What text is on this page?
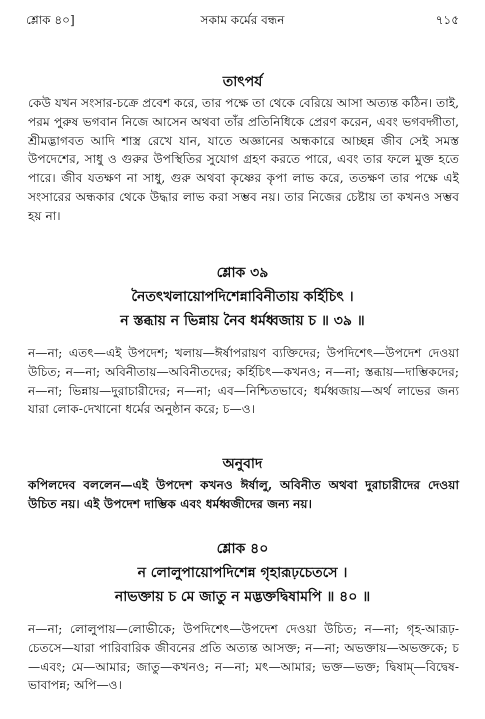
শ্লোক ৪০]	সকাম কর্মের বন্ধন	৭১৫
তাৎপর্য
কেউ যখন সংসার-চক্রে প্রবেশ করে, তার পক্ষে তা থেকে বেরিয়ে আসা অত্যন্ত কঠিন। তাই, পরম পুরুষ ভগবান নিজে আসেন অথবা তাঁর প্রতিনিধিকে প্রেরণ করেন, এবং ভগবদ্গীতা, শ্রীমদ্ভাগবত আদি শাস্ত্র রেখে যান, যাতে অজ্ঞানের অন্ধকারে আচ্ছন্ন জীব সেই সমস্ত উপদেশের, সাধু ও গুরুর উপস্থিতির সুযোগ গ্রহণ করতে পারে, এবং তার ফলে মুক্ত হতে পারে। জীব যতক্ষণ না সাধু, গুরু অথবা কৃষ্ণের কৃপা লাভ করে, ততক্ষণ তার পক্ষে এই সংসারের অন্ধকার থেকে উদ্ধার লাভ করা সম্ভব নয়। তার নিজের চেষ্টায় তা কখনও সম্ভব হয় না।
শ্লোক ৩৯
নৈতৎখলায়োপদিশেন্নাবিনীতায় কর্হিচিৎ ।
ন স্তব্ধায় ন ভিন্নায় নৈব ধর্মধ্বজায় চ ॥ ৩৯ ॥
ন—না; এতৎ—এই উপদেশ; খলায়—ঈর্ষাপরায়ণ ব্যক্তিদের; উপদিশেৎ—উপদেশ দেওয়া উচিত; ন—না; অবিনীতায়—অবিনীতদের; কর্হিচিৎ—কখনও; ন—না; স্তব্ধায়—দাম্ভিকদের; ন—না; ভিন্নায়—দুরাচারীদের; ন—না; এব—নিশ্চিতভাবে; ধর্মধ্বজায়—অর্থ লাভের জন্য যারা লোক-দেখানো ধর্মের অনুষ্ঠান করে; চ—ও।
অনুবাদ
কপিলদেব বললেন—এই উপদেশ কখনও ঈর্ষালু, অবিনীত অথবা দুরাচারীদের দেওয়া উচিত নয়। এই উপদেশ দাম্ভিক এবং ধর্মধ্বজীদের জন্য নয়।
শ্লোক ৪০
ন লোলুপায়োপদিশেন্ন গৃহারূঢ়চেতসে ।
নাভক্তায় চ মে জাতু ন মদ্ভক্তদ্বিষামপি ॥ ৪০ ॥
ন—না; লোলুপায়—লোভীকে; উপদিশেৎ—উপদেশ দেওয়া উচিত; ন—না; গৃহ-আরূঢ়-চেতসে—যারা পারিবারিক জীবনের প্রতি অত্যন্ত আসক্ত; ন—না; অভক্তায়—অভক্তকে; চ—এবং; মে—আমার; জাতু—কখনও; ন—না; মৎ—আমার; ভক্ত—ভক্ত; দ্বিষাম্—বিদ্বেষ-ভাবাপন্ন; অপি—ও।
